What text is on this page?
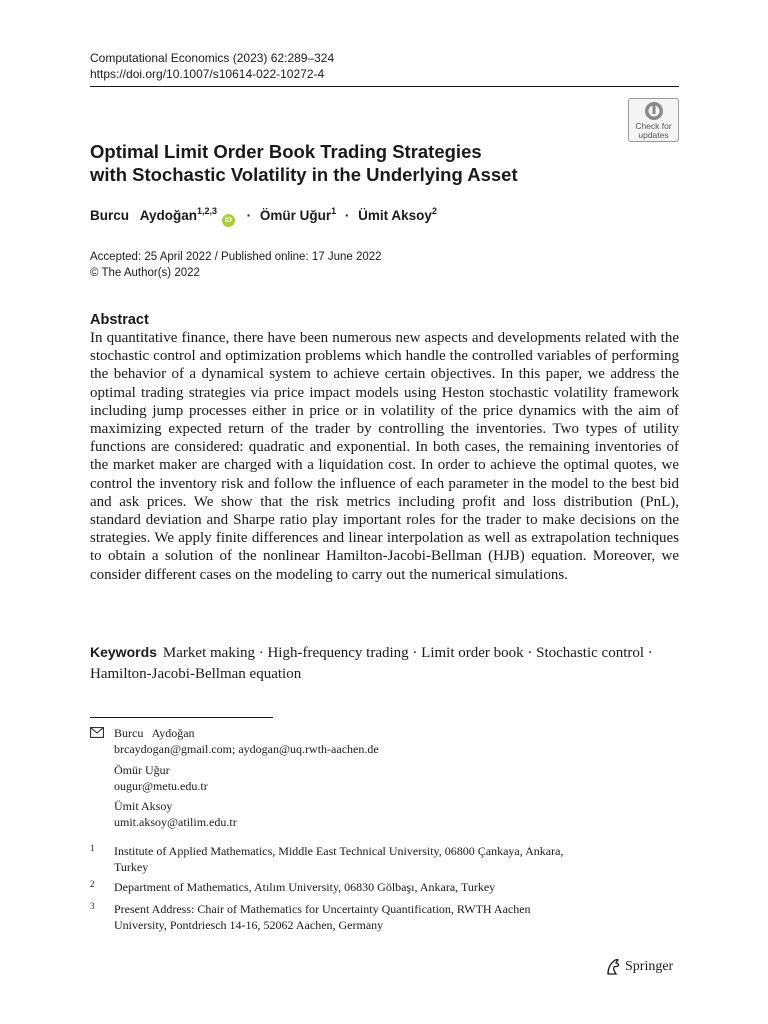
Computational Economics (2023) 62:289–324
https://doi.org/10.1007/s10614-022-10272-4
Check for
updates
Optimal Limit Order Book Trading Strategies
with Stochastic Volatility in the Underlying Asset
Burcu   Aydoğan$^{1,2,3}$ iD · Ömür Uğur$^1$ · Ümit Aksoy$^2$
Accepted: 25 April 2022 / Published online: 17 June 2022
© The Author(s) 2022
Abstract
In quantitative finance, there have been numerous new aspects and developments related with the stochastic control and optimization problems which handle the controlled variables of performing the behavior of a dynamical system to achieve certain objectives. In this paper, we address the optimal trading strategies via price impact models using Heston stochastic volatility framework including jump processes either in price or in volatility of the price dynamics with the aim of maximizing expected return of the trader by controlling the inventories. Two types of utility functions are considered: quadratic and exponential. In both cases, the remaining inventories of the market maker are charged with a liquidation cost. In order to achieve the optimal quotes, we control the inventory risk and follow the influence of each parameter in the model to the best bid and ask prices. We show that the risk metrics including profit and loss distribution (PnL), standard deviation and Sharpe ratio play important roles for the trader to make decisions on the strategies. We apply finite differences and linear interpolation as well as extrapolation techniques to obtain a solution of the nonlinear Hamilton-Jacobi-Bellman (HJB) equation. Moreover, we consider different cases on the modeling to carry out the numerical simulations.
Keywords Market making · High-frequency trading · Limit order book · Stochastic control · Hamilton-Jacobi-Bellman equation
Burcu   Aydoğan
brcaydogan@gmail.com; aydogan@uq.rwth-aachen.de
Ömür Uğur
ougur@metu.edu.tr
Ümit Aksoy
umit.aksoy@atilim.edu.tr
1 Institute of Applied Mathematics, Middle East Technical University, 06800 Çankaya, Ankara,
Turkey
2 Department of Mathematics, Atılım University, 06830 Gölbaşı, Ankara, Turkey
3 Present Address: Chair of Mathematics for Uncertainty Quantification, RWTH Aachen
University, Pontdriesch 14-16, 52062 Aachen, Germany
Springer
